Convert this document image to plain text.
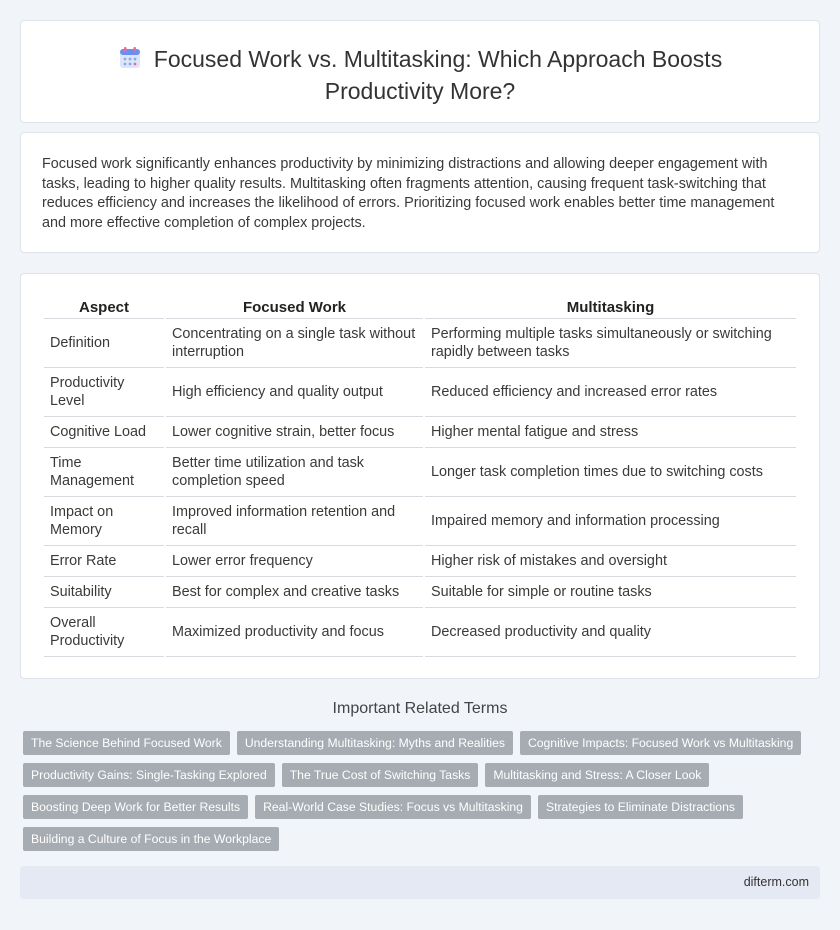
Focused Work vs. Multitasking: Which Approach Boosts Productivity More?

Focused work significantly enhances productivity by minimizing distractions and allowing deeper engagement with tasks, leading to higher quality results. Multitasking often fragments attention, causing frequent task-switching that reduces efficiency and increases the likelihood of errors. Prioritizing focused work enables better time management and more effective completion of complex projects.

Aspect	Focused Work	Multitasking
Definition	Concentrating on a single task without interruption	Performing multiple tasks simultaneously or switching rapidly between tasks
Productivity Level	High efficiency and quality output	Reduced efficiency and increased error rates
Cognitive Load	Lower cognitive strain, better focus	Higher mental fatigue and stress
Time Management	Better time utilization and task completion speed	Longer task completion times due to switching costs
Impact on Memory	Improved information retention and recall	Impaired memory and information processing
Error Rate	Lower error frequency	Higher risk of mistakes and oversight
Suitability	Best for complex and creative tasks	Suitable for simple or routine tasks
Overall Productivity	Maximized productivity and focus	Decreased productivity and quality
Important Related Terms
The Science Behind Focused Work	Understanding Multitasking: Myths and Realities	Cognitive Impacts: Focused Work vs Multitasking
Productivity Gains: Single-Tasking Explored	The True Cost of Switching Tasks	Multitasking and Stress: A Closer Look
Boosting Deep Work for Better Results	Real-World Case Studies: Focus vs Multitasking	Strategies to Eliminate Distractions
Building a Culture of Focus in the Workplace
difterm.com
